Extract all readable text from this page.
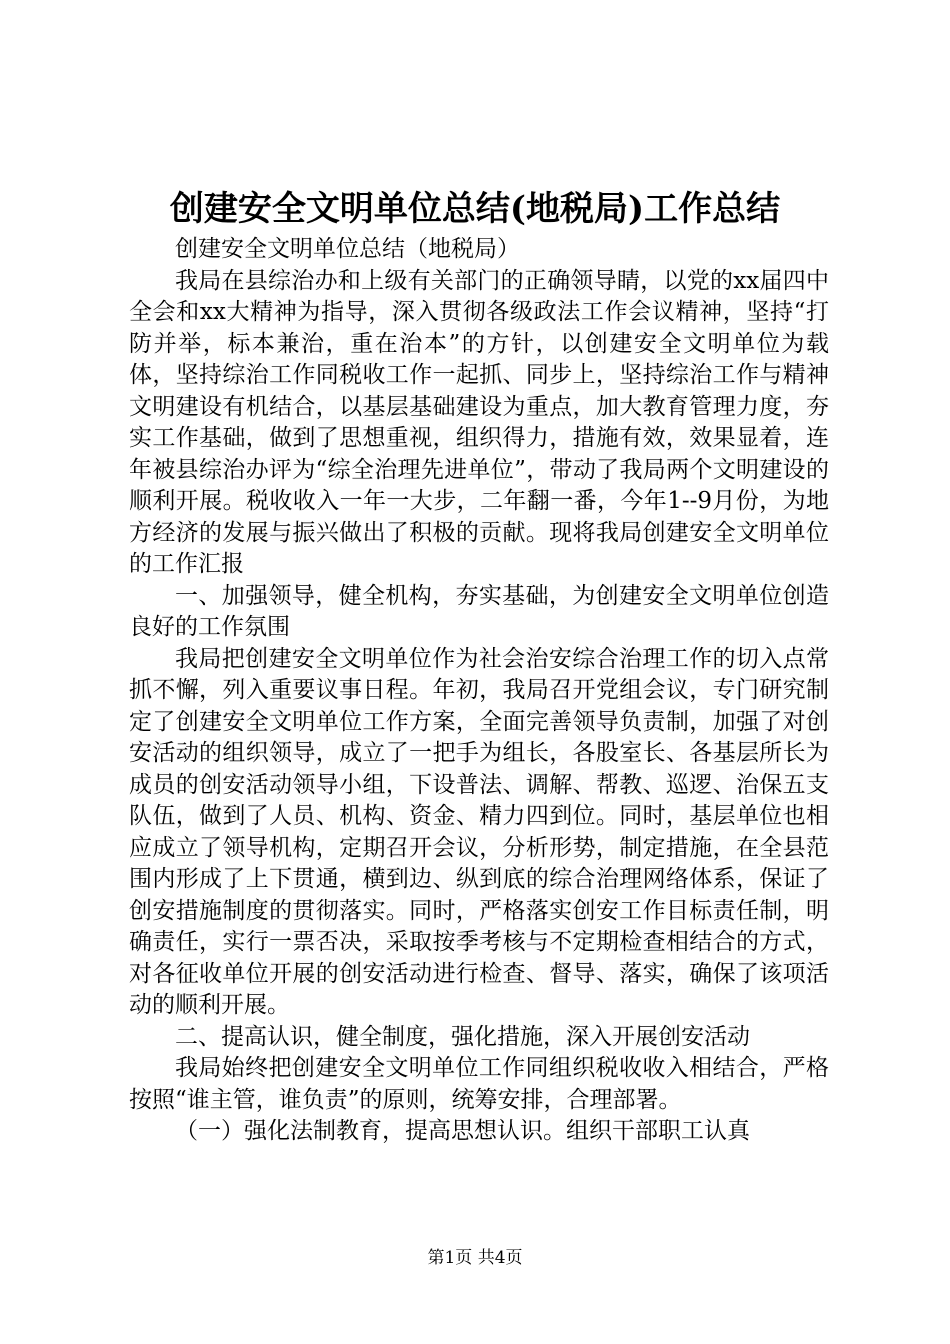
创建安全文明单位总结(地税局)工作总结

创建安全文明单位总结（地税局）

我局在县综治办和上级有关部门的正确领导睛，以党的xx届四中全会和xx大精神为指导，深入贯彻各级政法工作会议精神，坚持“打防并举，标本兼治，重在治本”的方针，以创建安全文明单位为载体，坚持综治工作同税收工作一起抓、同步上，坚持综治工作与精神文明建设有机结合，以基层基础建设为重点，加大教育管理力度，夯实工作基础，做到了思想重视，组织得力，措施有效，效果显着，连年被县综治办评为“综全治理先进单位”，带动了我局两个文明建设的顺利开展。税收收入一年一大步，二年翻一番，今年1--9月份，为地方经济的发展与振兴做出了积极的贡献。现将我局创建安全文明单位的工作汇报

一、加强领导，健全机构，夯实基础，为创建安全文明单位创造良好的工作氛围

我局把创建安全文明单位作为社会治安综合治理工作的切入点常抓不懈，列入重要议事日程。年初，我局召开党组会议，专门研究制定了创建安全文明单位工作方案，全面完善领导负责制，加强了对创安活动的组织领导，成立了一把手为组长，各股室长、各基层所长为成员的创安活动领导小组，下设普法、调解、帮教、巡逻、治保五支队伍，做到了人员、机构、资金、精力四到位。同时，基层单位也相应成立了领导机构，定期召开会议，分析形势，制定措施，在全县范围内形成了上下贯通，横到边、纵到底的综合治理网络体系，保证了创安措施制度的贯彻落实。同时，严格落实创安工作目标责任制，明确责任，实行一票否决，采取按季考核与不定期检查相结合的方式，对各征收单位开展的创安活动进行检查、督导、落实，确保了该项活动的顺利开展。

二、提高认识，健全制度，强化措施，深入开展创安活动

我局始终把创建安全文明单位工作同组织税收收入相结合，严格按照“谁主管，谁负责”的原则，统筹安排，合理部署。

（一）强化法制教育，提高思想认识。组织干部职工认真

第1页 共4页
